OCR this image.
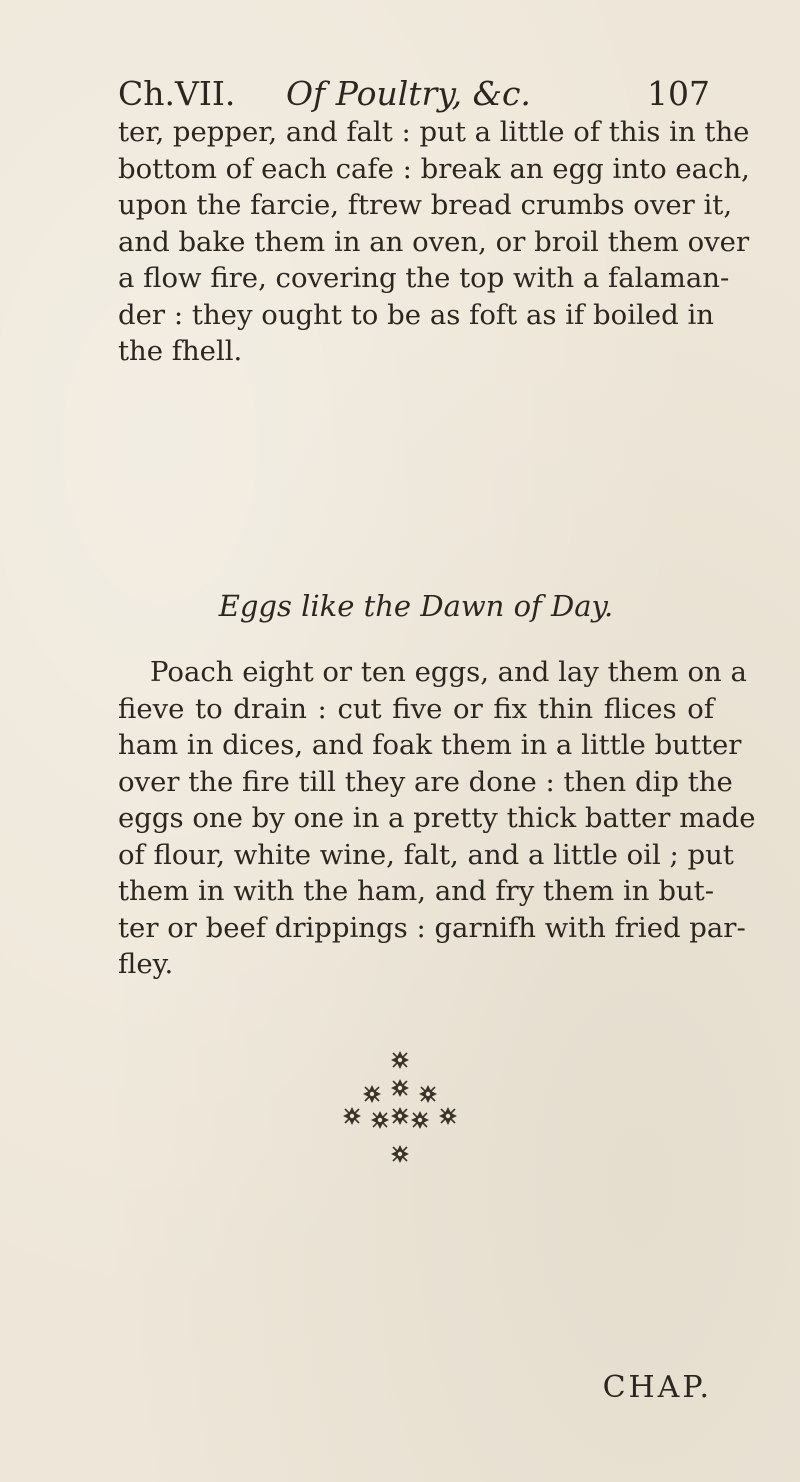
Ch.VII. Of Poultry, &c.	107
ter, pepper, and falt : put a little of this in the
bottom of each cafe : break an egg into each,
upon the farcie, ftrew bread crumbs over it,
and bake them in an oven, or broil them over
a flow fire, covering the top with a falaman-
der : they ought to be as foft as if boiled in
the fhell.
Eggs like the Dawn of Day.
Poach eight or ten eggs, and lay them on a
fieve to drain : cut five or fix thin flices of
ham in dices, and foak them in a little butter
over the fire till they are done : then dip the
eggs one by one in a pretty thick batter made
of flour, white wine, falt, and a little oil ; put
them in with the ham, and fry them in but-
ter or beef drippings : garnifh with fried par-
fley.
CHAP.
